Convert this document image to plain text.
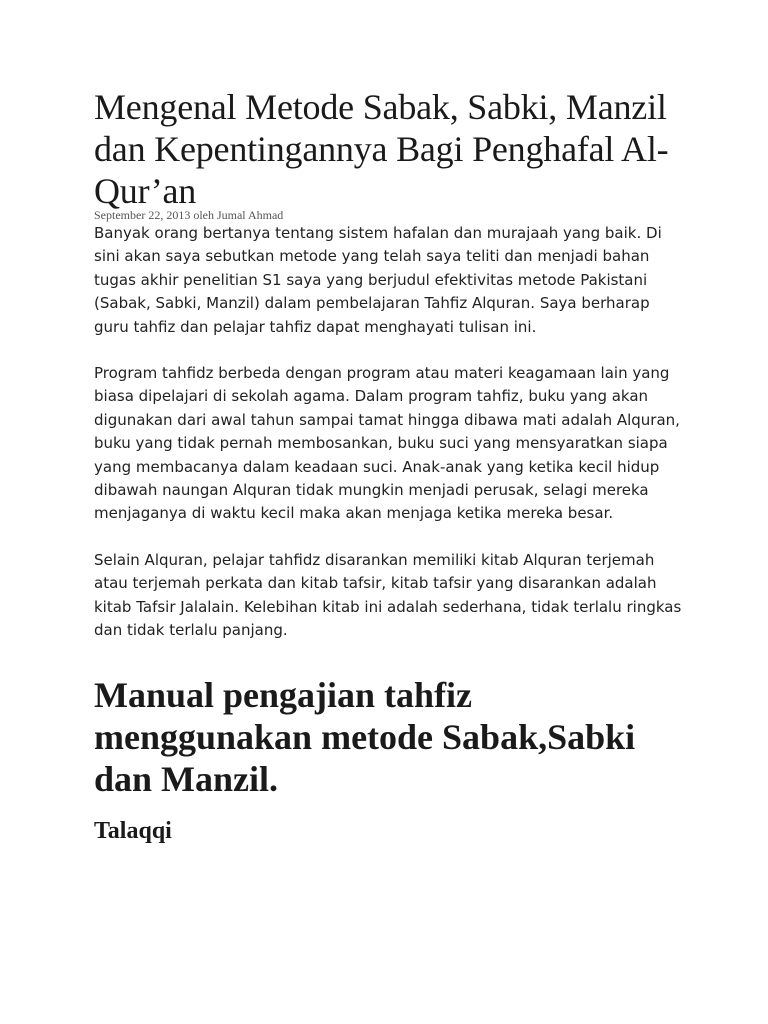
Mengenal Metode Sabak, Sabki, Manzil dan Kepentingannya Bagi Penghafal Al-Qur’an
September 22, 2013 oleh Jumal Ahmad

Banyak orang bertanya tentang sistem hafalan dan murajaah yang baik. Di sini akan saya sebutkan metode yang telah saya teliti dan menjadi bahan tugas akhir penelitian S1 saya yang berjudul efektivitas metode Pakistani (Sabak, Sabki, Manzil) dalam pembelajaran Tahfiz Alquran. Saya berharap guru tahfiz dan pelajar tahfiz dapat menghayati tulisan ini.

Program tahfidz berbeda dengan program atau materi keagamaan lain yang biasa dipelajari di sekolah agama. Dalam program tahfiz, buku yang akan digunakan dari awal tahun sampai tamat hingga dibawa mati adalah Alquran, buku yang tidak pernah membosankan, buku suci yang mensyaratkan siapa yang membacanya dalam keadaan suci. Anak-anak yang ketika kecil hidup dibawah naungan Alquran tidak mungkin menjadi perusak, selagi mereka menjaganya di waktu kecil maka akan menjaga ketika mereka besar.

Selain Alquran, pelajar tahfidz disarankan memiliki kitab Alquran terjemah atau terjemah perkata dan kitab tafsir, kitab tafsir yang disarankan adalah kitab Tafsir Jalalain. Kelebihan kitab ini adalah sederhana, tidak terlalu ringkas dan tidak terlalu panjang.

Manual pengajian tahfiz menggunakan metode Sabak,Sabki dan Manzil.
Talaqqi
